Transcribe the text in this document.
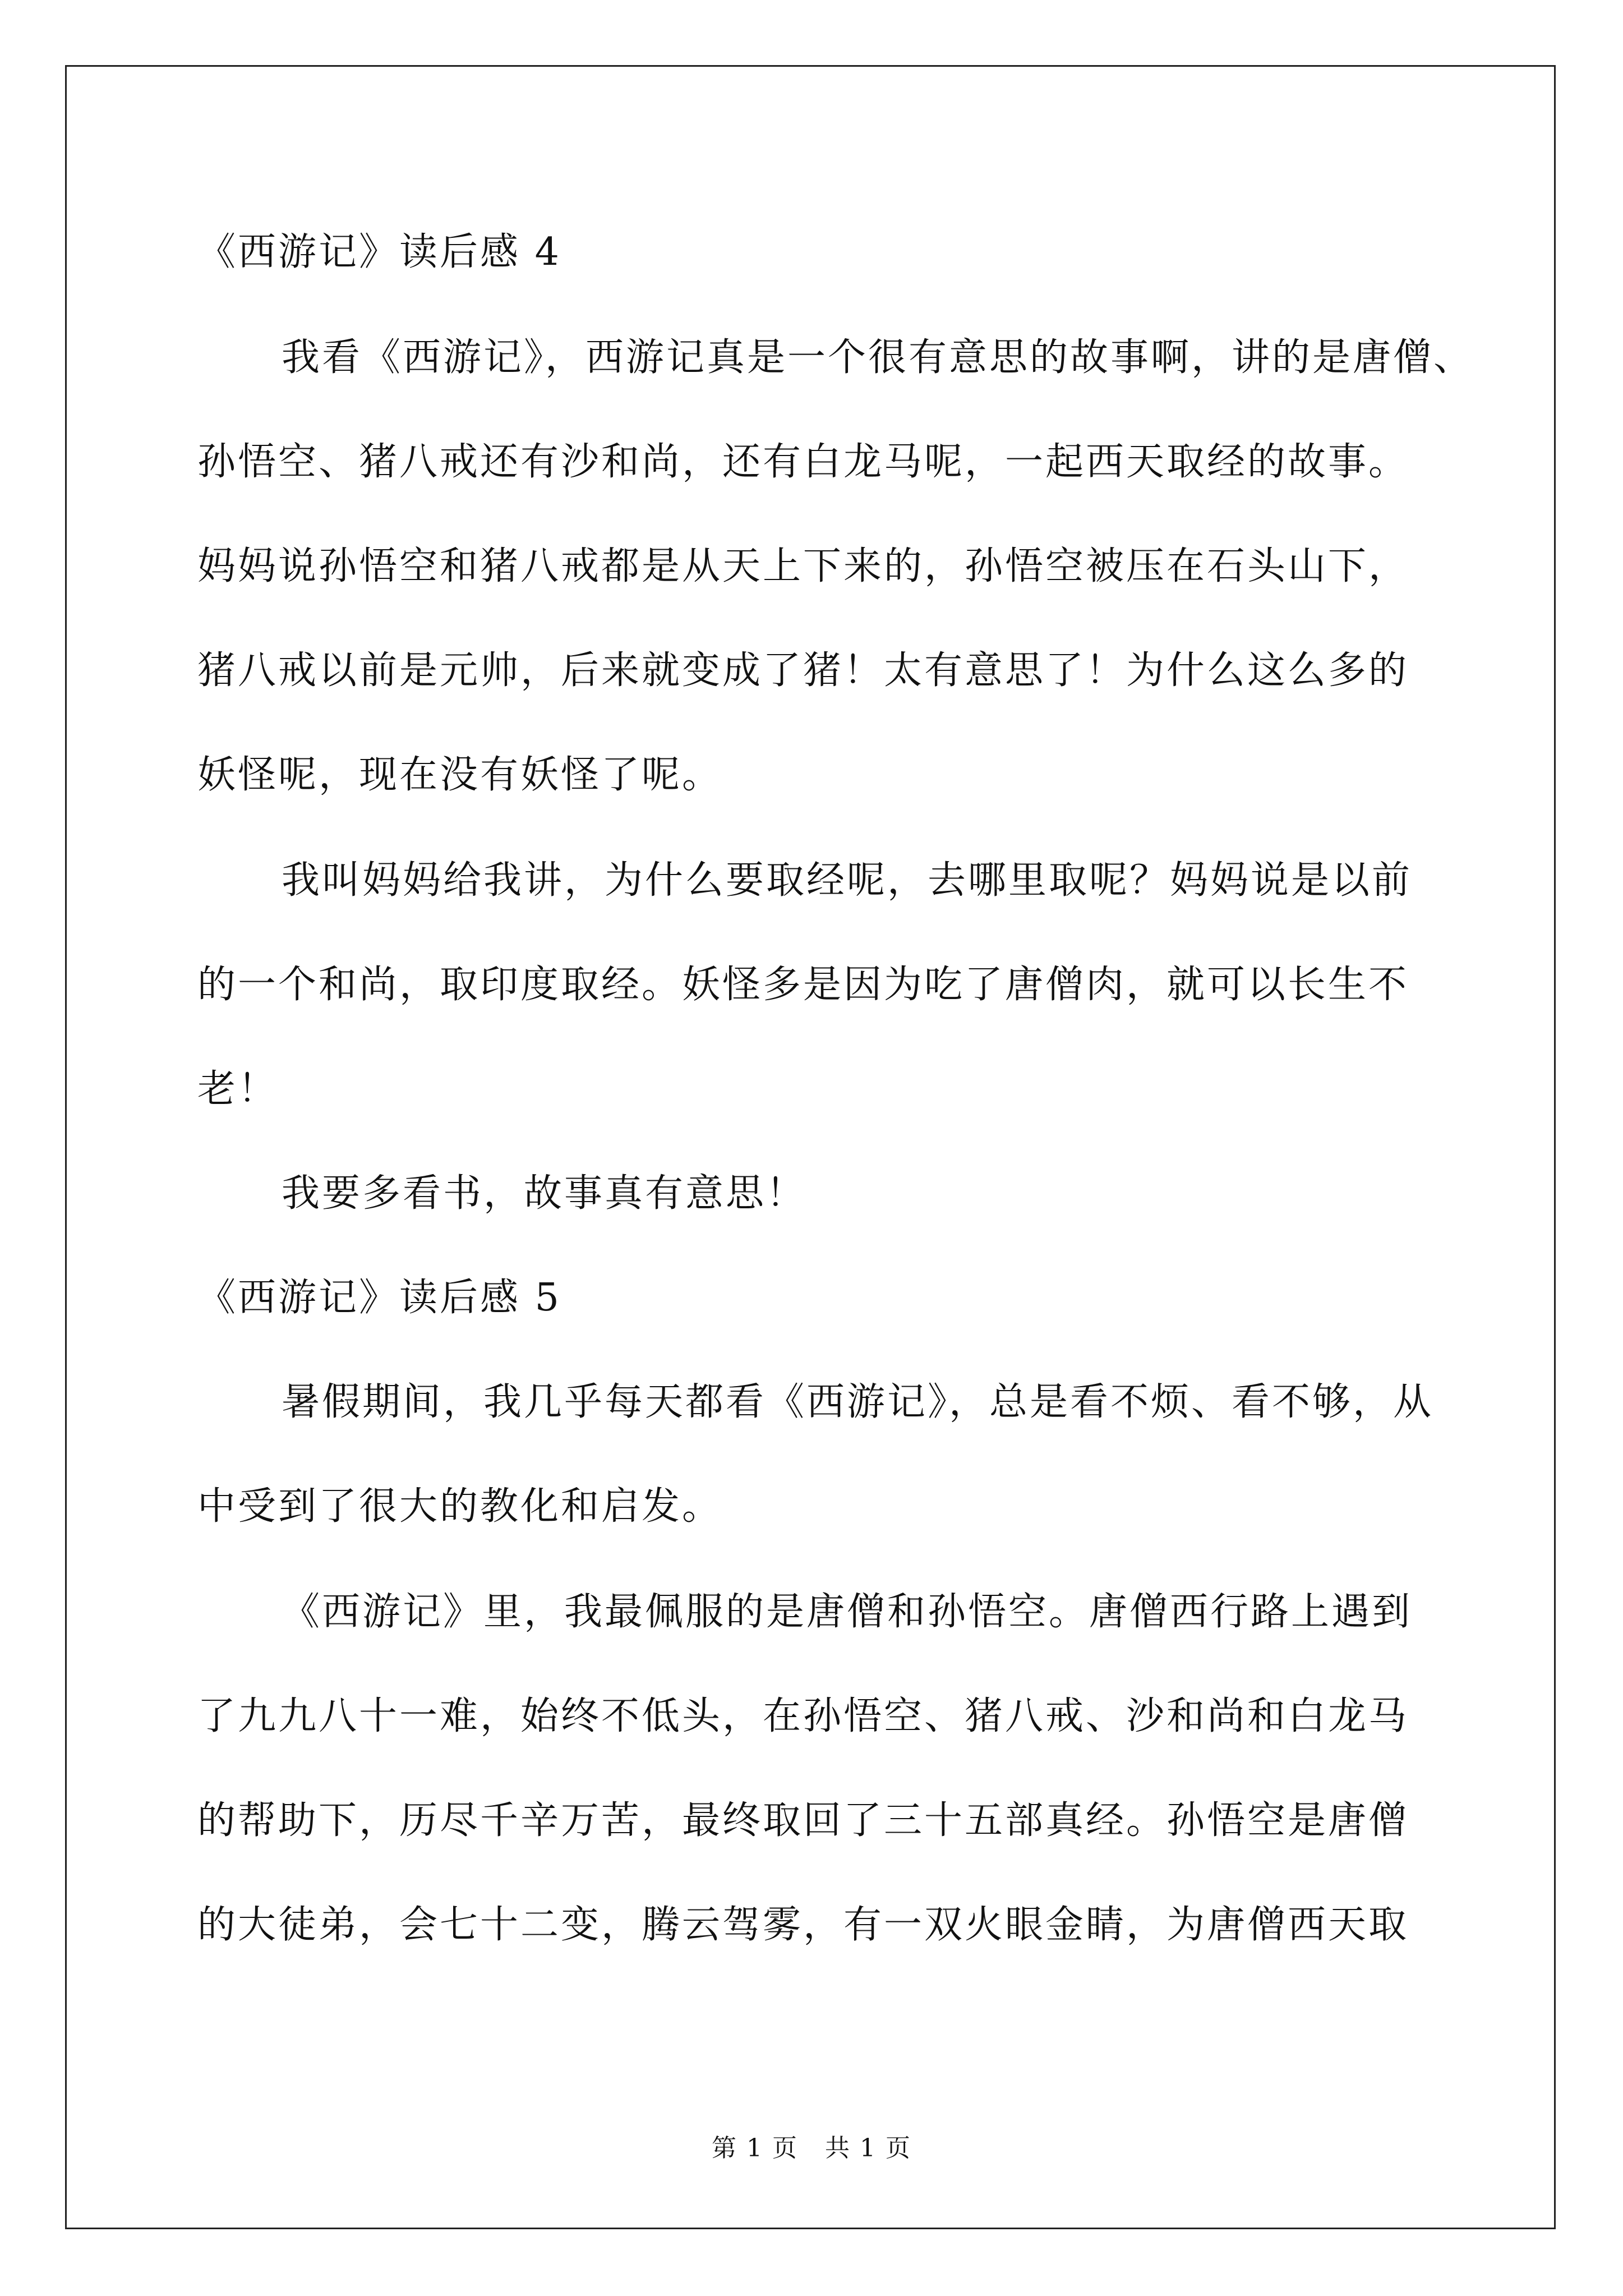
《西游记》读后感 4
我看《西游记》，西游记真是一个很有意思的故事啊，讲的是唐僧、
孙悟空、猪八戒还有沙和尚，还有白龙马呢，一起西天取经的故事。
妈妈说孙悟空和猪八戒都是从天上下来的，孙悟空被压在石头山下，
猪八戒以前是元帅，后来就变成了猪！太有意思了！为什么这么多的
妖怪呢，现在没有妖怪了呢。
我叫妈妈给我讲，为什么要取经呢，去哪里取呢？妈妈说是以前
的一个和尚，取印度取经。妖怪多是因为吃了唐僧肉，就可以长生不
老！
我要多看书，故事真有意思！
《西游记》读后感 5
暑假期间，我几乎每天都看《西游记》，总是看不烦、看不够，从
中受到了很大的教化和启发。
《西游记》里，我最佩服的是唐僧和孙悟空。唐僧西行路上遇到
了九九八十一难，始终不低头，在孙悟空、猪八戒、沙和尚和白龙马
的帮助下，历尽千辛万苦，最终取回了三十五部真经。孙悟空是唐僧
的大徒弟，会七十二变，腾云驾雾，有一双火眼金睛，为唐僧西天取
第 1 页 共 1 页
